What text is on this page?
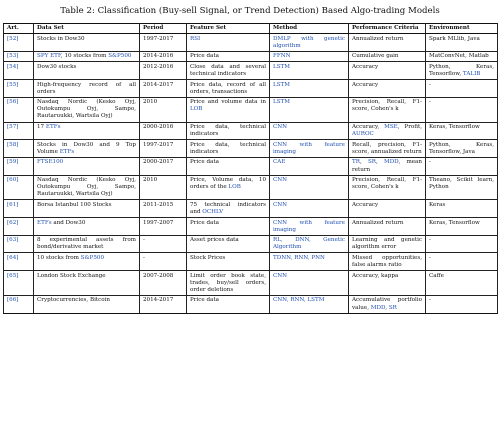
Table 2: Classification (Buy-sell Signal, or Trend Detection) Based Algo-trading Models
Art.	Data Set	Period	Feature Set	Method	Performance Criteria	Environment
[52]	Stocks in Dow30	1997-2017	RSI	DMLP with genetic algorithm	Annualized return	Spark MLlib, Java
[53]	SPY ETF, 10 stocks from S&P500	2014-2016	Price data	FFNN	Cumulative gain	MatConvNet, Matlab
[54]	Dow30 stocks	2012-2016	Close data and several technical indicators	LSTM	Accuracy	Python, Keras, Tensorflow, TALIB
[55]	High-frequency record of all orders	2014-2017	Price data, record of all orders, transactions	LSTM	Accuracy	-
[56]	Nasdaq Nordic (Kesko Oyj, Outokumpu Oyj, Sampo, Rautaruukki, Wartsila Oyj)	2010	Price and volume data in LOB	LSTM	Precision, Recall, F1-score, Cohen's k	-
[57]	17 ETFs	2000-2016	Price data, technical indicators	CNN	Accuracy, MSE, Profit, AUROC	Keras, Tensorflow
[58]	Stocks in Dow30 and 9 Top Volume ETFs	1997-2017	Price data, technical indicators	CNN with feature imaging	Recall, precision, F1-score, annualized return	Python, Keras, Tensorflow, Java
[59]	FTSE100	2000-2017	Price data	CAE	TR, SR, MDD, mean return	-
[60]	Nasdaq Nordic (Kesko Oyj, Outokumpu Oyj, Sampo, Rautaruukki, Wartsila Oyj)	2010	Price, Volume data, 10 orders of the LOB	CNN	Precision, Recall, F1-score, Cohen's k	Theano, Scikit learn, Python
[61]	Borsa Istanbul 100 Stocks	2011-2015	75 technical indicators and OCHLV	CNN	Accuracy	Keras
[62]	ETFs and Dow30	1997-2007	Price data	CNN with feature imaging	Annualized return	Keras, Tensorflow
[63]	8 experimental assets from bond/derivative market	-	Asset prices data	RL, DNN, Genetic Algorithm	Learning and genetic algorithm error	-
[64]	10 stocks from S&P500	-	Stock Prices	TDNN, RNN, PNN	Missed opportunities, false alarms ratio	-
[65]	London Stock Exchange	2007-2008	Limit order book state, trades, buy/sell orders, order deletions	CNN	Accuracy, kappa	Caffe
[66]	Cryptocurrencies, Bitcoin	2014-2017	Price data	CNN, RNN, LSTM	Accumulative portfolio value, MDD, SR	-
